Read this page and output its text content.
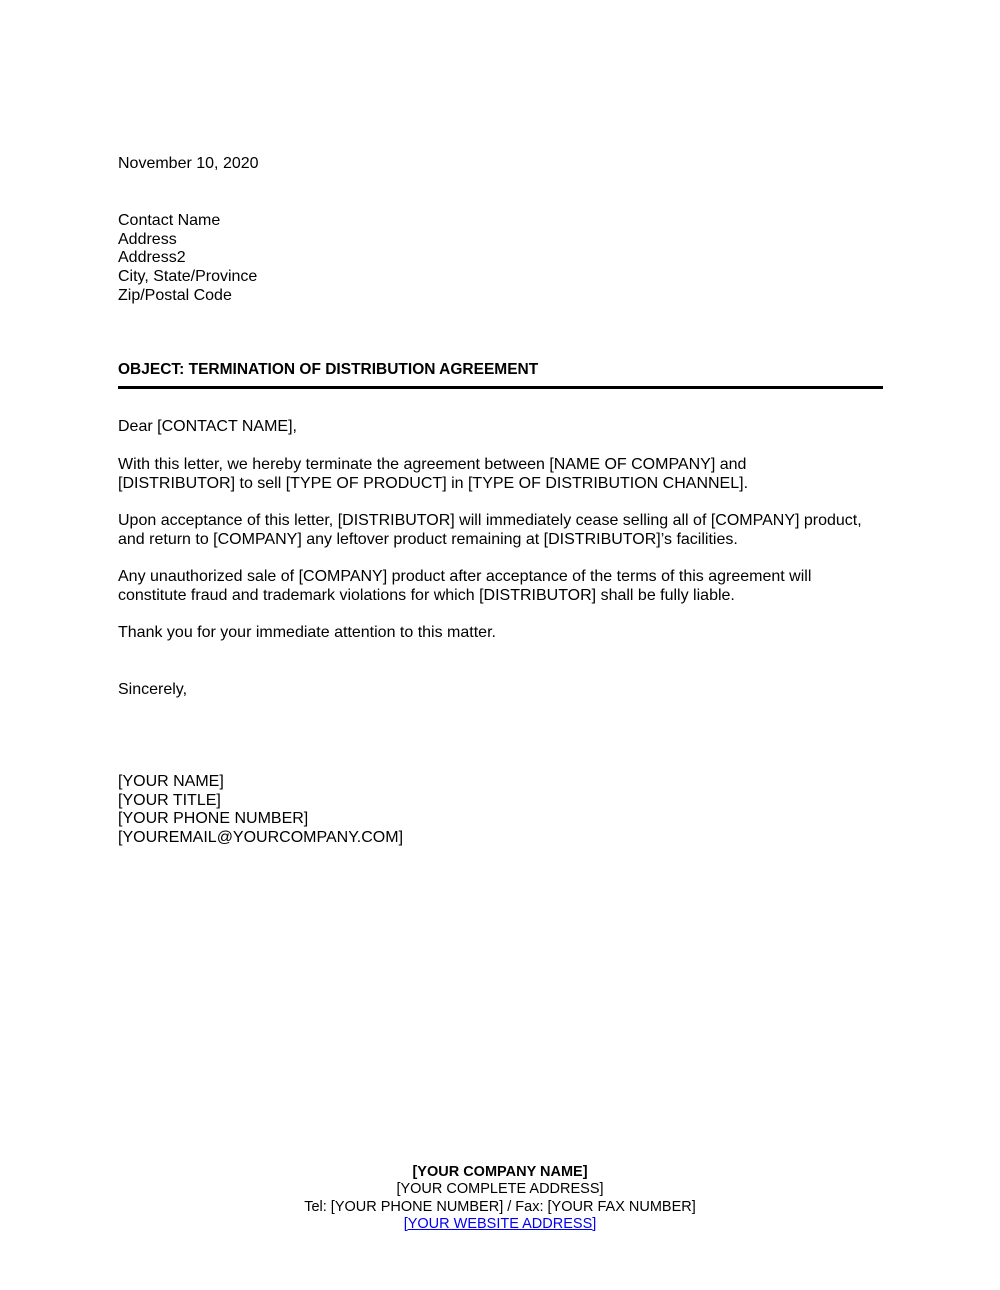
November 10, 2020
Contact Name
Address
Address2
City, State/Province
Zip/Postal Code
OBJECT: TERMINATION OF DISTRIBUTION AGREEMENT
Dear [CONTACT NAME],
With this letter, we hereby terminate the agreement between [NAME OF COMPANY] and
[DISTRIBUTOR] to sell [TYPE OF PRODUCT] in [TYPE OF DISTRIBUTION CHANNEL].
Upon acceptance of this letter, [DISTRIBUTOR] will immediately cease selling all of [COMPANY] product,
and return to [COMPANY] any leftover product remaining at [DISTRIBUTOR]’s facilities.
Any unauthorized sale of [COMPANY] product after acceptance of the terms of this agreement will
constitute fraud and trademark violations for which [DISTRIBUTOR] shall be fully liable.
Thank you for your immediate attention to this matter.
Sincerely,
[YOUR NAME]
[YOUR TITLE]
[YOUR PHONE NUMBER]
[YOUREMAIL@YOURCOMPANY.COM]
[YOUR COMPANY NAME]
[YOUR COMPLETE ADDRESS]
Tel: [YOUR PHONE NUMBER] / Fax: [YOUR FAX NUMBER]
[YOUR WEBSITE ADDRESS]
